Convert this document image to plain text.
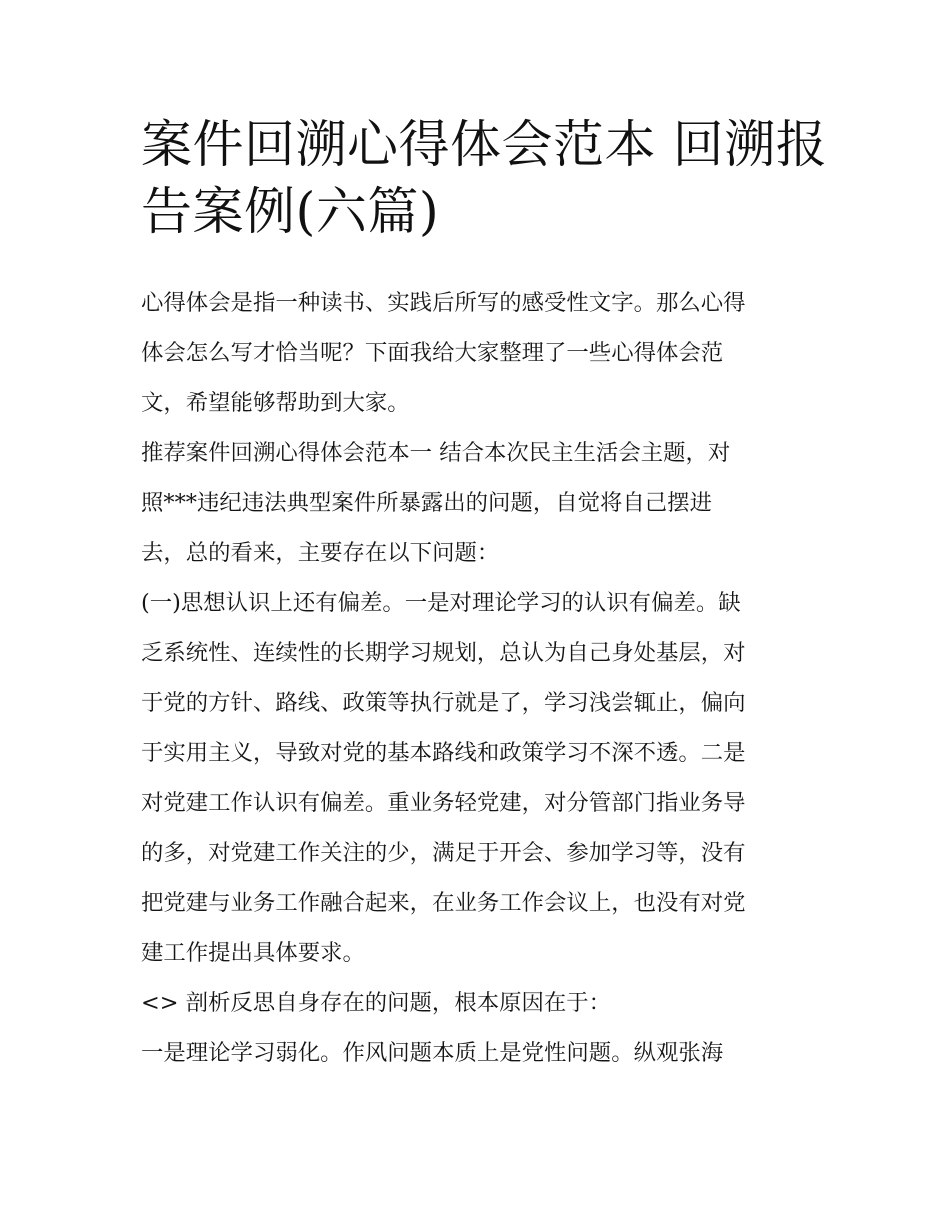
案件回溯心得体会范本 回溯报
告案例(六篇)
心得体会是指一种读书、实践后所写的感受性文字。那么心得
体会怎么写才恰当呢？下面我给大家整理了一些心得体会范
文，希望能够帮助到大家。
推荐案件回溯心得体会范本一 结合本次民主生活会主题，对
照***违纪违法典型案件所暴露出的问题，自觉将自己摆进
去，总的看来，主要存在以下问题：
(一)思想认识上还有偏差。一是对理论学习的认识有偏差。缺
乏系统性、连续性的长期学习规划，总认为自己身处基层，对
于党的方针、路线、政策等执行就是了，学习浅尝辄止，偏向
于实用主义，导致对党的基本路线和政策学习不深不透。二是
对党建工作认识有偏差。重业务轻党建，对分管部门指业务导
的多，对党建工作关注的少，满足于开会、参加学习等，没有
把党建与业务工作融合起来，在业务工作会议上，也没有对党
建工作提出具体要求。
<> 剖析反思自身存在的问题，根本原因在于：
一是理论学习弱化。作风问题本质上是党性问题。纵观张海
